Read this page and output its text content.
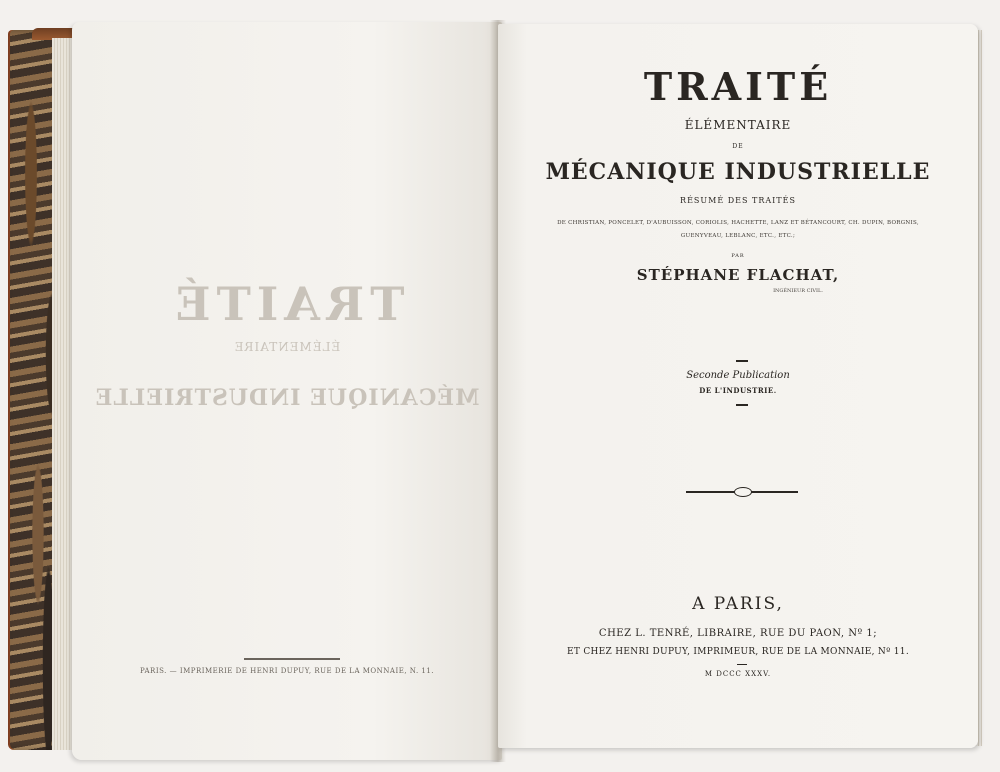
TRAITÉ
ÉLÉMENTAIRE
MÉCANIQUE INDUSTRIELLE
PARIS. — IMPRIMERIE DE HENRI DUPUY, RUE DE LA MONNAIE, N. 11.
TRAITÉ
ÉLÉMENTAIRE
DE
MÉCANIQUE INDUSTRIELLE
RÉSUMÉ DES TRAITÉS
DE CHRISTIAN, PONCELET, D'AUBUISSON, CORIOLIS, HACHETTE, LANZ ET BÉTANCOURT, CH. DUPIN, BORGNIS,
GUENYVEAU, LEBLANC, ETC., ETC.;
PAR
STÉPHANE FLACHAT,
INGÉNIEUR CIVIL.
Seconde Publication
DE L'INDUSTRIE.
A PARIS,
CHEZ L. TENRÉ, LIBRAIRE, RUE DU PAON, Nº 1;
ET CHEZ HENRI DUPUY, IMPRIMEUR, RUE DE LA MONNAIE, Nº 11.
M DCCC XXXV.
